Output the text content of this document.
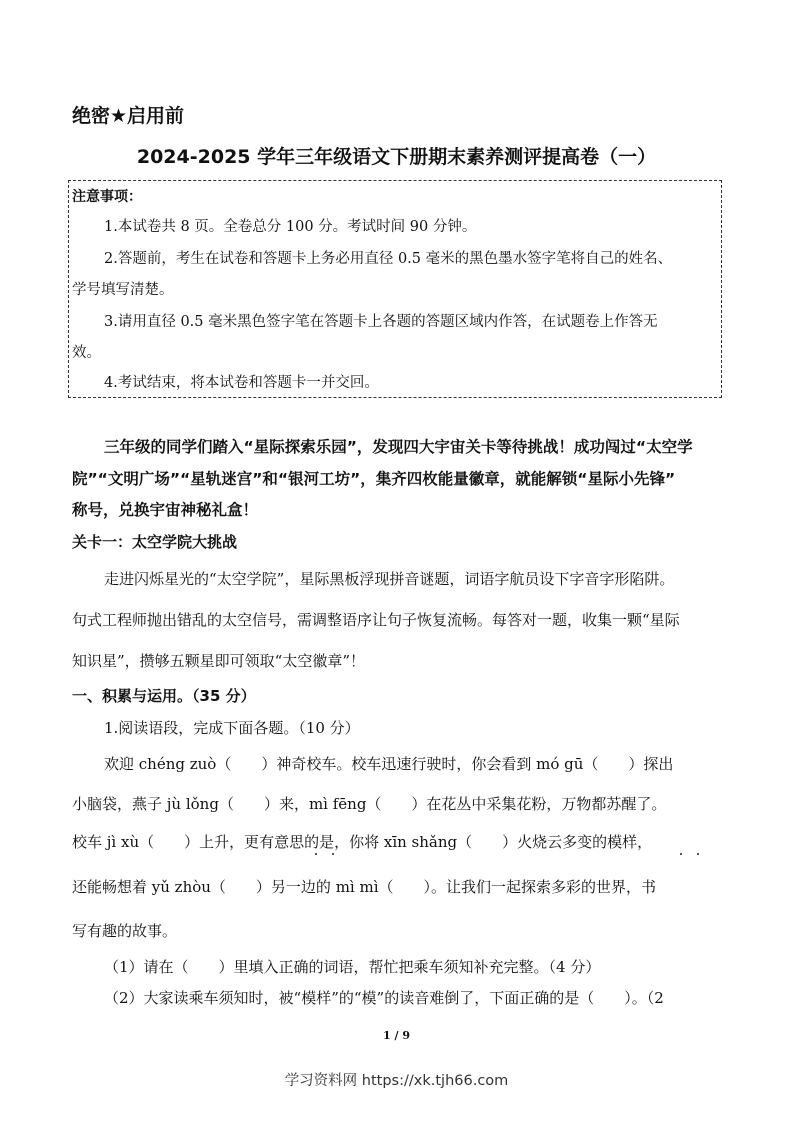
绝密★启用前
2024-2025 学年三年级语文下册期末素养测评提高卷（一）
注意事项：
1.本试卷共 8 页。全卷总分 100 分。考试时间 90 分钟。
2.答题前，考生在试卷和答题卡上务必用直径 0.5 毫米的黑色墨水签字笔将自己的姓名、
学号填写清楚。
3.请用直径 0.5 毫米黑色签字笔在答题卡上各题的答题区域内作答，在试题卷上作答无
效。
4.考试结束，将本试卷和答题卡一并交回。
三年级的同学们踏入“星际探索乐园”，发现四大宇宙关卡等待挑战！成功闯过“太空学
院”“文明广场”“星轨迷宫”和“银河工坊”，集齐四枚能量徽章，就能解锁“星际小先锋”
称号，兑换宇宙神秘礼盒！
关卡一：太空学院大挑战
走进闪烁星光的“太空学院”，星际黑板浮现拼音谜题，词语字航员设下字音字形陷阱。
句式工程师抛出错乱的太空信号，需调整语序让句子恢复流畅。每答对一题，收集一颗“星际
知识星”，攒够五颗星即可领取“太空徽章”！
一、积累与运用。（35 分）
1.阅读语段，完成下面各题。（10 分）
欢迎 chéng zuò（　　）神奇校车。校车迅速行驶时，你会看到 mó gū（　　）探出
小脑袋，燕子 jù lǒng（　　）来，mì fēng（　　）在花丛中采集花粉，万物都苏醒了。
校车 jì xù（　　）上升，更有意思的是，你将 xīn shǎng（　　）火烧云多变的模样，
还能畅想着 yǔ zhòu（　　）另一边的 mì mì（　　）。让我们一起探索多彩的世界，书
写有趣的故事。
（1）请在（　　）里填入正确的词语，帮忙把乘车须知补充完整。（4 分）
（2）大家读乘车须知时，被“模样”的“模”的读音难倒了，下面正确的是（　　）。（2
1 / 9
学习资料网 https://xk.tjh66.com
